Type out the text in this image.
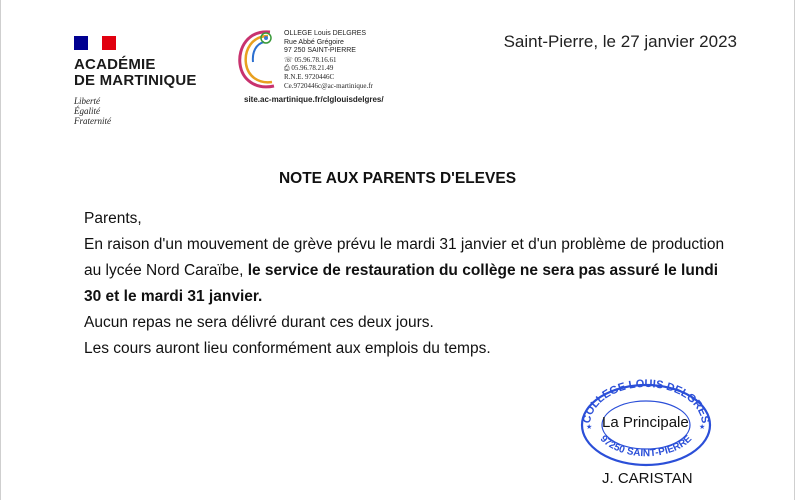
ACADÉMIE
DE MARTINIQUE
Liberté
Égalité
Fraternité
OLLEGE Louis DELGRES
Rue Abbé Grégoire
97 250 SAINT-PIERRE
☏ 05.96.78.16.61
⎙ 05.96.78.21.49
R.N.E. 9720446C
Ce.9720446c@ac-martinique.fr
site.ac-martinique.fr/clglouisdelgres/
Saint-Pierre, le 27 janvier 2023
NOTE AUX PARENTS D'ELEVES

Parents,

En raison d'un mouvement de grève prévu le mardi 31 janvier et d'un problème de production

au lycée Nord Caraïbe, le service de restauration du collège ne sera pas assuré le lundi

30 et le mardi 31 janvier.

Aucun repas ne sera délivré durant ces deux jours.

Les cours auront lieu conformément aux emplois du temps.

COLLEGE LOUIS DELGRES
97250 SAINT-PIERRE
★	★
La Principale
J. CARISTAN
